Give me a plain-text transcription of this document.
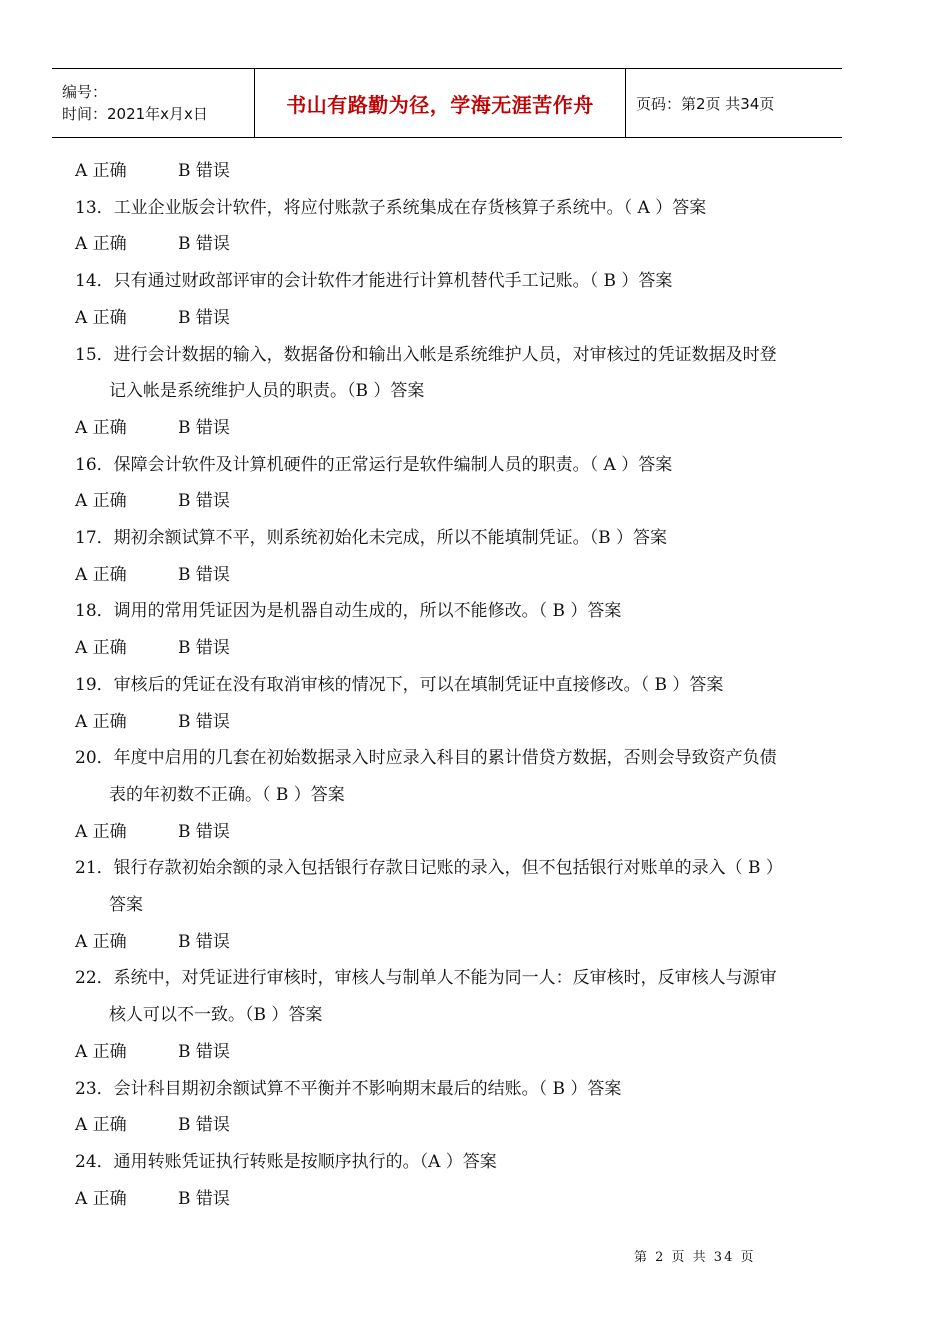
编号：
时间：2021年x月x日	书山有路勤为径，学海无涯苦作舟	页码：第2页 共34页
A 正确	B 错误
13．工业企业版会计软件，将应付账款子系统集成在存货核算子系统中。（ A ）答案
A 正确	B 错误
14．只有通过财政部评审的会计软件才能进行计算机替代手工记账。（ B ）答案
A 正确	B 错误
15．进行会计数据的输入，数据备份和输出入帐是系统维护人员，对审核过的凭证数据及时登
记入帐是系统维护人员的职责。（B ）答案
A 正确	B 错误
16．保障会计软件及计算机硬件的正常运行是软件编制人员的职责。（ A ）答案
A 正确	B 错误
17．期初余额试算不平，则系统初始化未完成，所以不能填制凭证。（B ）答案
A 正确	B 错误
18．调用的常用凭证因为是机器自动生成的，所以不能修改。（ B ）答案
A 正确	B 错误
19．审核后的凭证在没有取消审核的情况下，可以在填制凭证中直接修改。（ B ）答案
A 正确	B 错误
20．年度中启用的几套在初始数据录入时应录入科目的累计借贷方数据，否则会导致资产负债
表的年初数不正确。（ B ）答案
A 正确	B 错误
21．银行存款初始余额的录入包括银行存款日记账的录入，但不包括银行对账单的录入（ B ）
答案
A 正确	B 错误
22．系统中，对凭证进行审核时，审核人与制单人不能为同一人：反审核时，反审核人与源审
核人可以不一致。（B ）答案
A 正确	B 错误
23．会计科目期初余额试算不平衡并不影响期末最后的结账。（ B ）答案
A 正确	B 错误
24．通用转账凭证执行转账是按顺序执行的。（A ）答案
A 正确	B 错误
第 2 页 共 34 页
